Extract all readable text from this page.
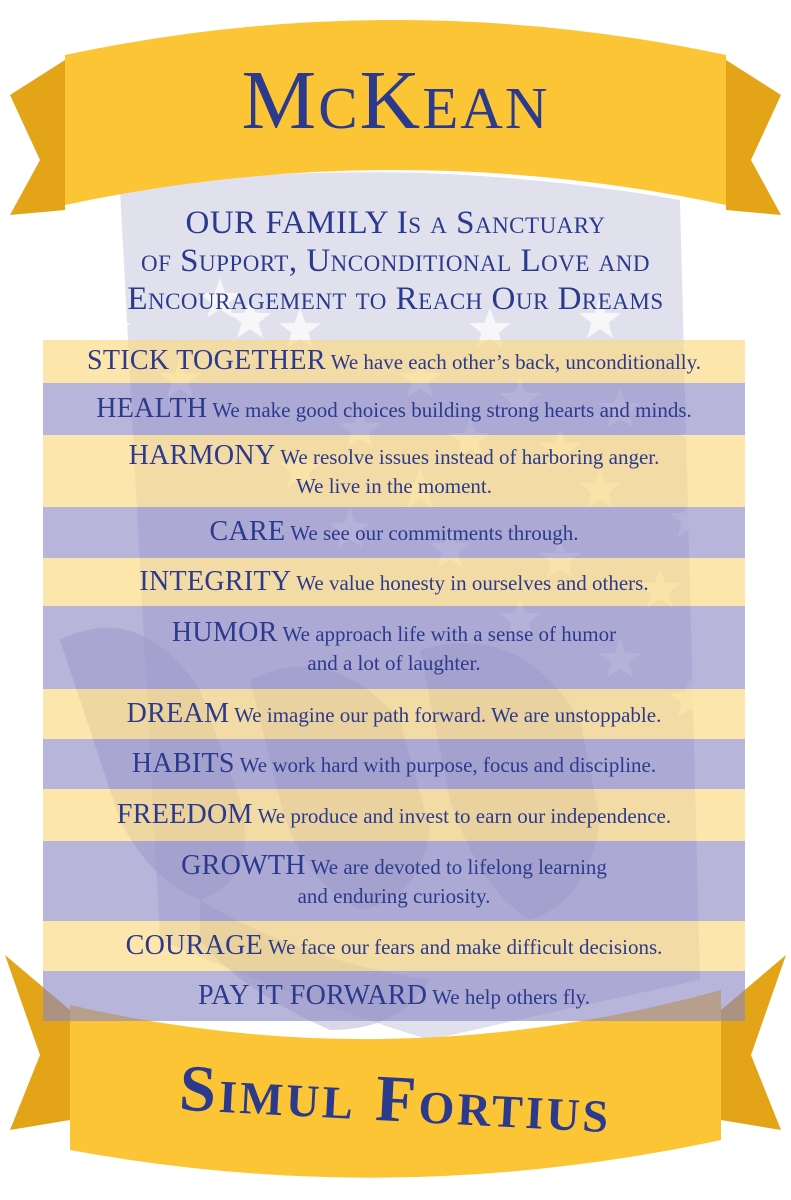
McKean
OUR FAMILY Is a Sanctuary
of Support, Unconditional Love and
Encouragement to Reach Our Dreams
STICK TOGETHER We have each other’s back, unconditionally.
HEALTH We make good choices building strong hearts and minds.
HARMONY We resolve issues instead of harboring anger.
We live in the moment.
CARE We see our commitments through.
INTEGRITY We value honesty in ourselves and others.
HUMOR We approach life with a sense of humor
and a lot of laughter.
DREAM We imagine our path forward. We are unstoppable.
HABITS We work hard with purpose, focus and discipline.
FREEDOM We produce and invest to earn our independence.
GROWTH We are devoted to lifelong learning
and enduring curiosity.
COURAGE We face our fears and make difficult decisions.
PAY IT FORWARD We help others fly.
Simul Fortius
